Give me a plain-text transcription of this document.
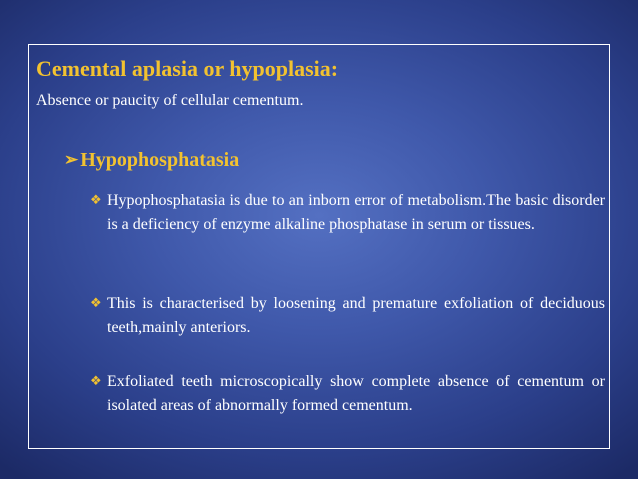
Cemental aplasia or hypoplasia:

Absence or paucity of cellular cementum.

➢ Hypophosphatasia

❖ Hypophosphatasia is due to an inborn error of metabolism.The basic disorder is a deficiency of enzyme alkaline phosphatase in serum or tissues.

❖ This is characterised by loosening and premature exfoliation of deciduous teeth,mainly anteriors.

❖ Exfoliated teeth microscopically show complete absence of cementum or isolated areas of abnormally formed cementum.
